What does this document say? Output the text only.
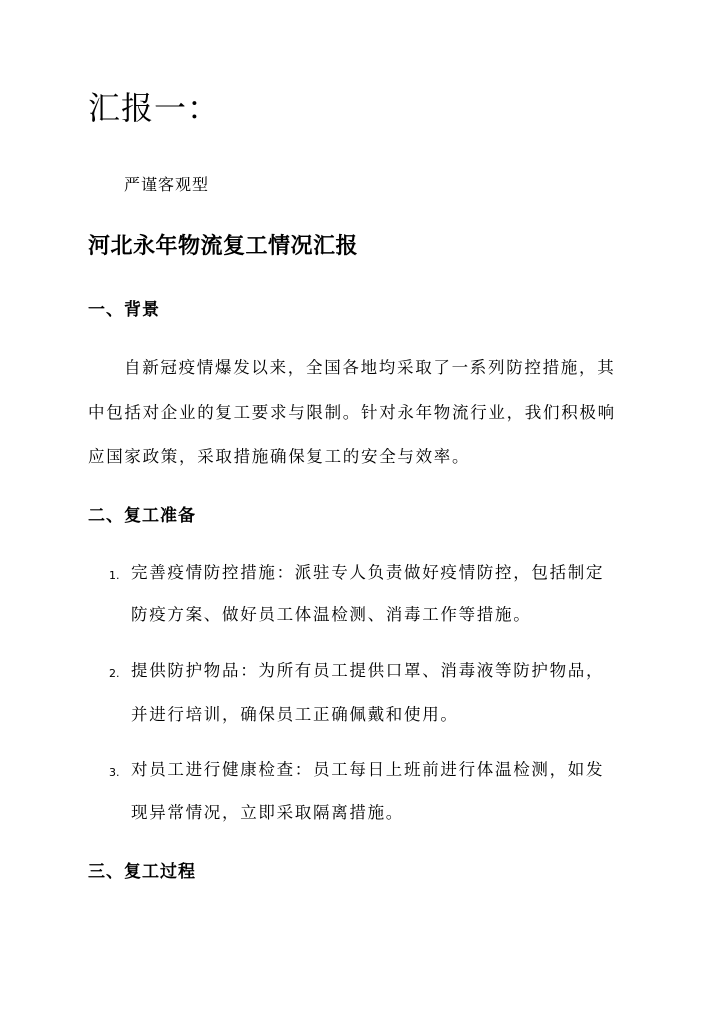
汇报一：
严谨客观型
河北永年物流复工情况汇报
一、背景
自新冠疫情爆发以来，全国各地均采取了一系列防控措施，其
中包括对企业的复工要求与限制。针对永年物流行业，我们积极响
应国家政策，采取措施确保复工的安全与效率。
二、复工准备
1. 完善疫情防控措施：派驻专人负责做好疫情防控，包括制定
防疫方案、做好员工体温检测、消毒工作等措施。
2. 提供防护物品：为所有员工提供口罩、消毒液等防护物品，
并进行培训，确保员工正确佩戴和使用。
3. 对员工进行健康检查：员工每日上班前进行体温检测，如发
现异常情况，立即采取隔离措施。
三、复工过程
